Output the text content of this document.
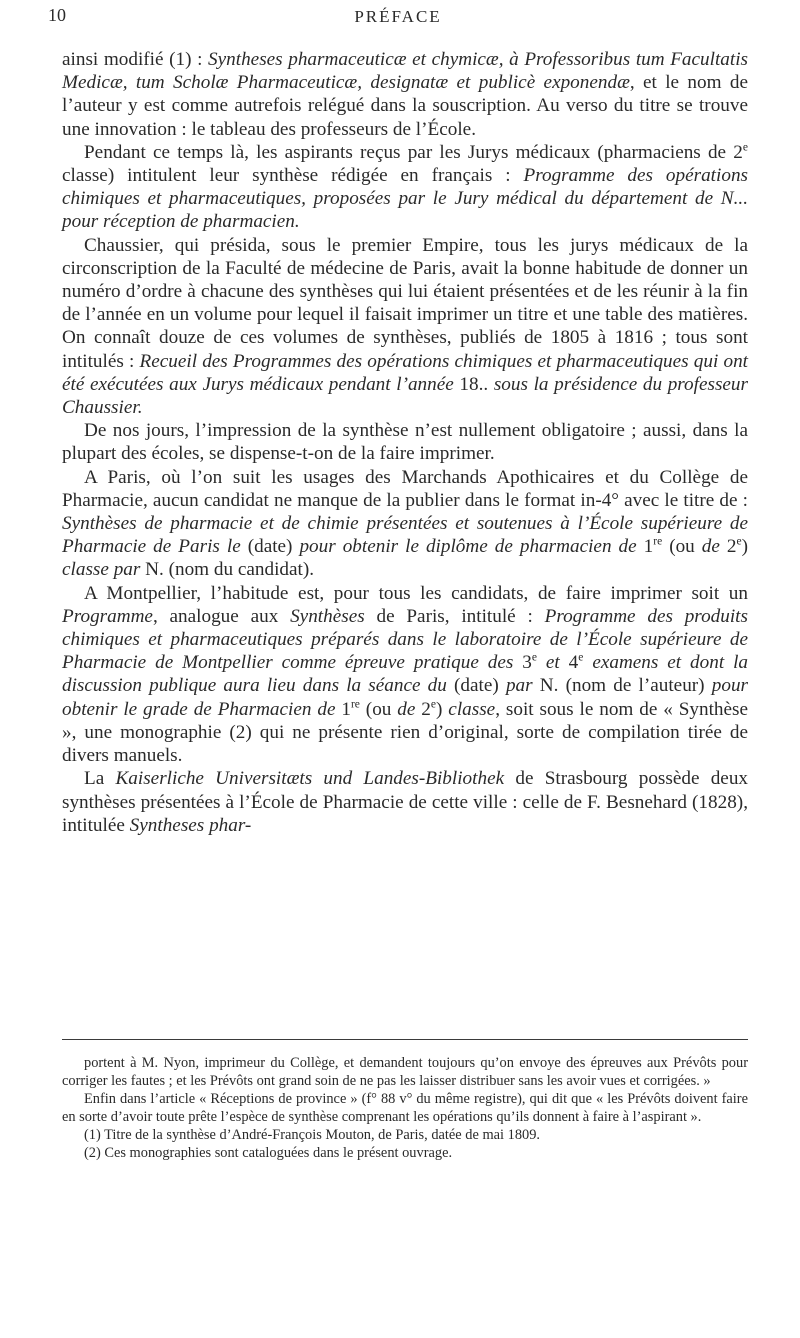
10	PRÉFACE

ainsi modifié (1) : Syntheses pharmaceuticæ et chymicæ, à Professoribus tum Facultatis Medicæ, tum Scholæ Pharmaceuticæ, designatæ et publicè exponendæ, et le nom de l’auteur y est comme autrefois relégué dans la souscription. Au verso du titre se trouve une innovation : le tableau des professeurs de l’École.

Pendant ce temps là, les aspirants reçus par les Jurys médicaux (pharmaciens de 2e classe) intitulent leur synthèse rédigée en français : Programme des opérations chimiques et pharmaceutiques, proposées par le Jury médical du département de N... pour réception de pharmacien.

Chaussier, qui présida, sous le premier Empire, tous les jurys médicaux de la circonscription de la Faculté de médecine de Paris, avait la bonne habitude de donner un numéro d’ordre à chacune des synthèses qui lui étaient présentées et de les réunir à la fin de l’année en un volume pour lequel il faisait imprimer un titre et une table des matières. On connaît douze de ces volumes de synthèses, publiés de 1805 à 1816 ; tous sont intitulés : Recueil des Programmes des opérations chimiques et pharmaceutiques qui ont été exécutées aux Jurys médicaux pendant l’année 18.. sous la présidence du professeur Chaussier.

De nos jours, l’impression de la synthèse n’est nullement obligatoire ; aussi, dans la plupart des écoles, se dispense-t-on de la faire imprimer.

A Paris, où l’on suit les usages des Marchands Apothicaires et du Collège de Pharmacie, aucun candidat ne manque de la publier dans le format in-4° avec le titre de : Synthèses de pharmacie et de chimie présentées et soutenues à l’École supérieure de Pharmacie de Paris le (date) pour obtenir le diplôme de pharmacien de 1re (ou de 2e) classe par N. (nom du candidat).

A Montpellier, l’habitude est, pour tous les candidats, de faire imprimer soit un Programme, analogue aux Synthèses de Paris, intitulé : Programme des produits chimiques et pharmaceutiques préparés dans le laboratoire de l’École supérieure de Pharmacie de Montpellier comme épreuve pratique des 3e et 4e examens et dont la discussion publique aura lieu dans la séance du (date) par N. (nom de l’auteur) pour obtenir le grade de Pharmacien de 1re (ou de 2e) classe, soit sous le nom de « Synthèse », une monographie (2) qui ne présente rien d’original, sorte de compilation tirée de divers manuels.

La Kaiserliche Universitæts und Landes-Bibliothek de Strasbourg possède deux synthèses présentées à l’École de Pharmacie de cette ville : celle de F. Besnehard (1828), intitulée Syntheses phar-

portent à M. Nyon, imprimeur du Collège, et demandent toujours qu’on envoye des épreuves aux Prévôts pour corriger les fautes ; et les Prévôts ont grand soin de ne pas les laisser distribuer sans les avoir vues et corrigées. »

Enfin dans l’article « Réceptions de province » (f° 88 v° du même registre), qui dit que « les Prévôts doivent faire en sorte d’avoir toute prête l’espèce de synthèse comprenant les opérations qu’ils donnent à faire à l’aspirant ».

(1) Titre de la synthèse d’André-François Mouton, de Paris, datée de mai 1809.

(2) Ces monographies sont cataloguées dans le présent ouvrage.
